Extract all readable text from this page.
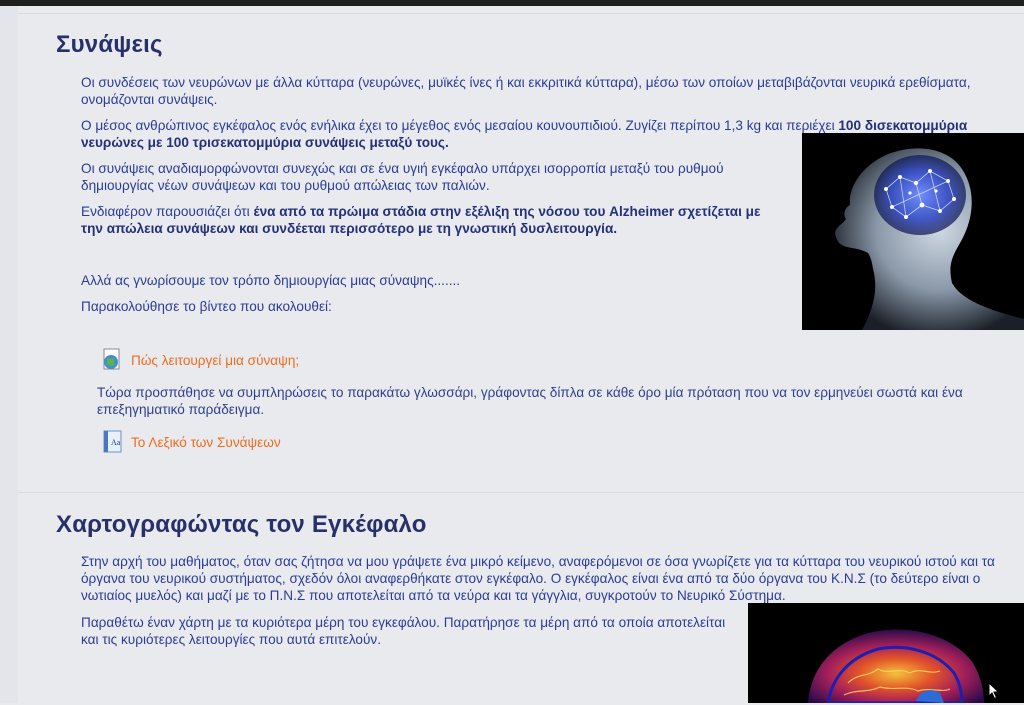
Συνάψεις

Οι συνδέσεις των νευρώνων με άλλα κύτταρα (νευρώνες, μυϊκές ίνες ή και εκκριτικά κύτταρα), μέσω των οποίων μεταβιβάζονται νευρικά ερεθίσματα, ονομάζονται συνάψεις.

Ο μέσος ανθρώπινος εγκέφαλος ενός ενήλικα έχει το μέγεθος ενός μεσαίου κουνουπιδιού. Ζυγίζει περίπου 1,3 kg και περιέχει 100 δισεκατομμύρια νευρώνες με 100 τρισεκατομμύρια συνάψεις μεταξύ τους.

Οι συνάψεις αναδιαμορφώνονται συνεχώς και σε ένα υγιή εγκέφαλο υπάρχει ισορροπία μεταξύ του ρυθμού δημιουργίας νέων συνάψεων και του ρυθμού απώλειας των παλιών.

Ενδιαφέρον παρουσιάζει ότι ένα από τα πρώιμα στάδια στην εξέλιξη της νόσου του Alzheimer σχετίζεται με την απώλεια συνάψεων και συνδέεται περισσότερο με τη γνωστική δυσλειτουργία.

Αλλά ας γνωρίσουμε τον τρόπο δημιουργίας μιας σύναψης.......

Παρακολούθησε το βίντεο που ακολουθεί:

Πώς λειτουργεί μια σύναψη;

Τώρα προσπάθησε να συμπληρώσεις το παρακάτω γλωσσάρι, γράφοντας δίπλα σε κάθε όρο μία πρόταση που να τον ερμηνεύει σωστά και ένα επεξηγηματικό παράδειγμα.

Aa Το Λεξικό των Συνάψεων
Χαρτογραφώντας τον Εγκέφαλο

Στην αρχή του μαθήματος, όταν σας ζήτησα να μου γράψετε ένα μικρό κείμενο, αναφερόμενοι σε όσα γνωρίζετε για τα κύτταρα του νευρικού ιστού και τα όργανα του νευρικού συστήματος, σχεδόν όλοι αναφερθήκατε στον εγκέφαλο. Ο εγκέφαλος είναι ένα από τα δύο όργανα του Κ.Ν.Σ (το δεύτερο είναι ο νωτιαίος μυελός) και μαζί με το Π.Ν.Σ που αποτελείται από τα νεύρα και τα γάγγλια, συγκροτούν το Νευρικό Σύστημα.

Παραθέτω έναν χάρτη με τα κυριότερα μέρη του εγκεφάλου. Παρατήρησε τα μέρη από τα οποία αποτελείται και τις κυριότερες λειτουργίες που αυτά επιτελούν.
